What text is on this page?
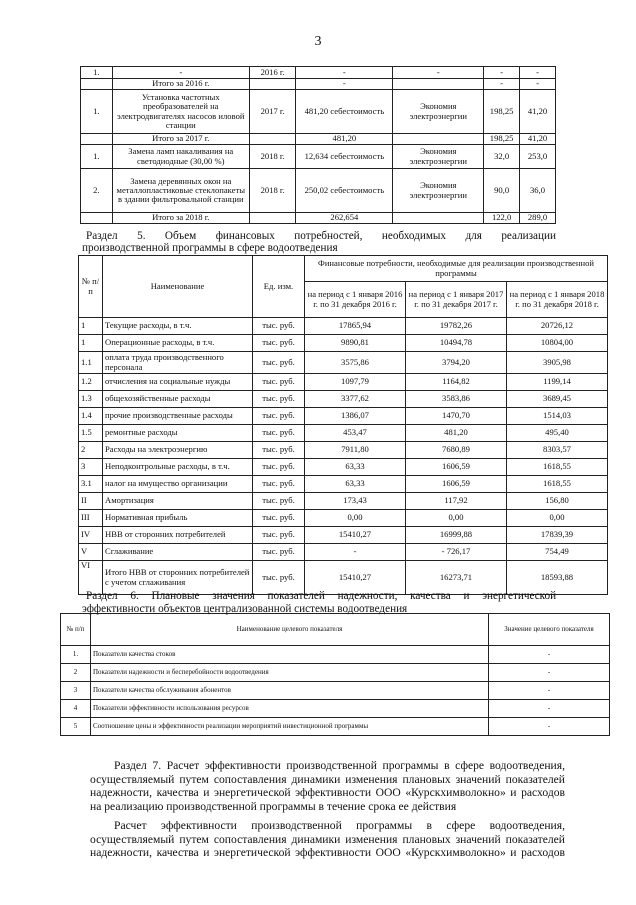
3
1.	-	2016 г.	-	-	-	-
	Итого за 2016 г.		-		-	-
1.	Установка частотных преобразователей на электродвигателях насосов иловой станции	2017 г.	481,20 себестоимость	Экономия электроэнергии	198,25	41,20
	Итого за 2017 г.		481,20		198,25	41,20
1.	Замена ламп накаливания на светодиодные (30,00 %)	2018 г.	12,634 себестоимость	Экономия электроэнергии	32,0	253,0
2.	Замена деревянных окон на металлопластиковые стеклопакеты в здании фильтровальной станции	2018 г.	250,02 себестоимость	Экономия электроэнергии	90,0	36,0
	Итого за 2018 г.		262,654		122,0	289,0
Раздел 5. Объем финансовых потребностей, необходимых для реализации
производственной программы в сфере водоотведения
№ п/п	Наименование	Ед. изм.	Финансовые потребности, необходимые для реализации производственной программы		
			на период с 1 января 2016 г. по 31 декабря 2016 г.	на период с 1 января 2017 г. по 31 декабря 2017 г.	на период с 1 января 2018 г. по 31 декабря 2018 г.
1	Текущие расходы, в т.ч.	тыс. руб.	17865,94	19782,26	20726,12
1	Операционные расходы, в т.ч.	тыс. руб.	9890,81	10494,78	10804,00
1.1	оплата труда производственного персонала	тыс. руб.	3575,86	3794,20	3905,98
1.2	отчисления на социальные нужды	тыс. руб.	1097,79	1164,82	1199,14
1.3	общехозяйственные расходы	тыс. руб.	3377,62	3583,86	3689,45
1.4	прочие производственные расходы	тыс. руб.	1386,07	1470,70	1514,03
1.5	ремонтные расходы	тыс. руб.	453,47	481,20	495,40
2	Расходы на электроэнергию	тыс. руб.	7911,80	7680,89	8303,57
3	Неподконтрольные расходы, в т.ч.	тыс. руб.	63,33	1606,59	1618,55
3.1	налог на имущество организации	тыс. руб.	63,33	1606,59	1618,55
II	Амортизация	тыс. руб.	173,43	117,92	156,80
III	Нормативная прибыль	тыс. руб.	0,00	0,00	0,00
IV	НВВ от сторонних потребителей	тыс. руб.	15410,27	16999,88	17839,39
V	Сглаживание	тыс. руб.	-	- 726,17	754,49
VI	Итого НВВ от сторонних потребителей с учетом сглаживания	тыс. руб.	15410,27	16273,71	18593,88
Раздел 6. Плановые значения показателей надежности, качества и энергетической
эффективности объектов централизованной системы водоотведения
№ п/п	Наименование целевого показателя	Значение целевого показателя
1.	Показатели качества стоков	-
2	Показатели надежности и бесперебойности водоотведения	-
3	Показатели качества обслуживания абонентов	-
4	Показатели эффективности использования ресурсов	-
5	Соотношение цены и эффективности реализации мероприятий инвестиционной программы	-
Раздел 7. Расчет эффективности производственной программы в сфере водоотведения,
осуществляемый путем сопоставления динамики изменения плановых значений показателей
надежности, качества и энергетической эффективности ООО «Курскхимволокно» и расходов
на реализацию производственной программы в течение срока ее действия
Расчет эффективности производственной программы в сфере водоотведения,
осуществляемый путем сопоставления динамики изменения плановых значений показателей
надежности, качества и энергетической эффективности ООО «Курскхимволокно» и расходов
